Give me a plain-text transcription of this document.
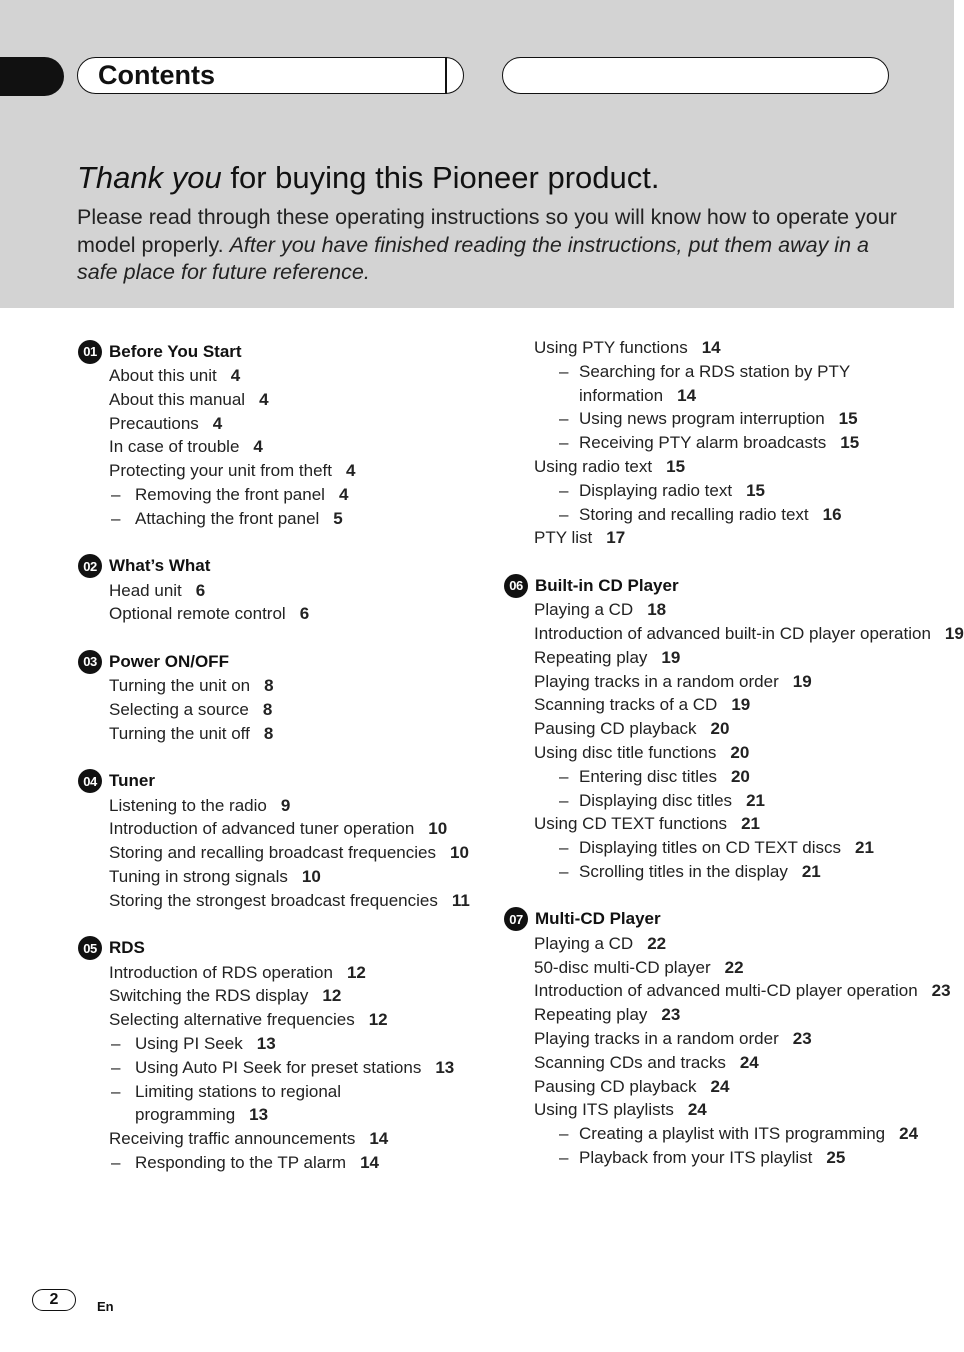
Contents
Thank you for buying this Pioneer product.
Please read through these operating instructions so you will know how to operate your model properly. After you have finished reading the instructions, put them away in a safe place for future reference.
01 Before You Start
About this unit 4
About this manual 4
Precautions 4
In case of trouble 4
Protecting your unit from theft 4
– Removing the front panel 4
– Attaching the front panel 5
02 What’s What
Head unit 6
Optional remote control 6
03 Power ON/OFF
Turning the unit on 8
Selecting a source 8
Turning the unit off 8
04 Tuner
Listening to the radio 9
Introduction of advanced tuner operation 10
Storing and recalling broadcast frequencies 10
Tuning in strong signals 10
Storing the strongest broadcast frequencies 11
05 RDS
Introduction of RDS operation 12
Switching the RDS display 12
Selecting alternative frequencies 12
– Using PI Seek 13
– Using Auto PI Seek for preset stations 13
– Limiting stations to regional programming 13
Receiving traffic announcements 14
– Responding to the TP alarm 14
Using PTY functions 14
– Searching for a RDS station by PTY information 14
– Using news program interruption 15
– Receiving PTY alarm broadcasts 15
Using radio text 15
– Displaying radio text 15
– Storing and recalling radio text 16
PTY list 17
06 Built-in CD Player
Playing a CD 18
Introduction of advanced built-in CD player operation 19
Repeating play 19
Playing tracks in a random order 19
Scanning tracks of a CD 19
Pausing CD playback 20
Using disc title functions 20
– Entering disc titles 20
– Displaying disc titles 21
Using CD TEXT functions 21
– Displaying titles on CD TEXT discs 21
– Scrolling titles in the display 21
07 Multi-CD Player
Playing a CD 22
50-disc multi-CD player 22
Introduction of advanced multi-CD player operation 23
Repeating play 23
Playing tracks in a random order 23
Scanning CDs and tracks 24
Pausing CD playback 24
Using ITS playlists 24
– Creating a playlist with ITS programming 24
– Playback from your ITS playlist 25
2	En
